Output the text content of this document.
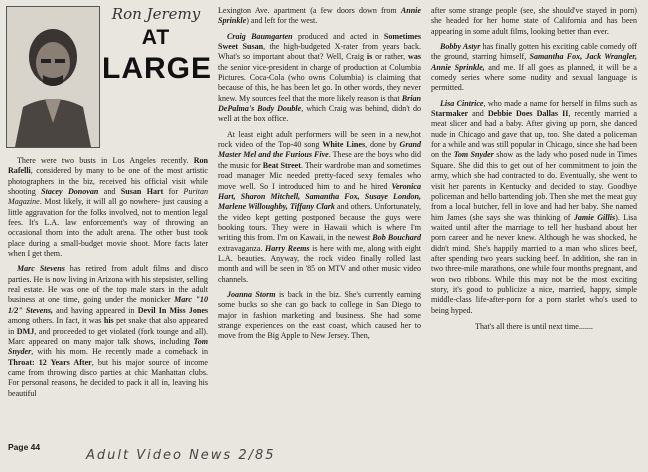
Ron Jeremy
AT
LARGE

There were two busts in Los Angeles recently. Ron Rafelli, considered by many to be one of the most artistic photographers in the biz, received his official visit while shooting Stacey Donovan and Susan Hart for Puritan Magazine. Most likely, it will all go nowhere- just causing a little aggravation for the folks involved, not to mention legal fees. It's L.A. law enforcement's way of throwing an occasional thorn into the adult arena. The other bust took place during a small-budget movie shoot. More facts later when I get them.

Marc Stevens has retired from adult films and disco parties. He is now living in Arizona with his stepsister, selling real estate. He was one of the top male stars in the adult business at one time, going under the monicker Marc "10 1/2" Stevens, and having appeared in Devil In Miss Jones among others. In fact, it was his pet snake that also appeared in DMJ, and proceeded to get violated (fork tounge and all). Marc appeared on many major talk shows, including Tom Snyder, with his mom. He recently made a comeback in Throat: 12 Years After, but his major source of income came from throwing disco parties at chic Manhattan clubs. For personal reasons, he decided to pack it all in, leaving his beautiful

Lexington Ave. apartment (a few doors down from Annie Sprinkle) and left for the west.

Craig Baumgarten produced and acted in Sometimes Sweet Susan, the high-budgeted X-rater from years back. What's so important about that? Well, Craig is or rather, was the senior vice-president in charge of production at Columbia Pictures. Coca-Cola (who owns Columbia) is claiming that because of this, he has been let go. In other words, they never knew. My sources feel that the more likely reason is that Brian DePalma's Body Double, which Craig was behind, didn't do well at the box office.

At least eight adult performers will be seen in a new,hot rock video of the Top-40 song White Lines, done by Grand Master Mel and the Furious Five. These are the boys who did the music for Beat Street. Their wardrobe man and sometimes road manager Mic needed pretty-faced sexy females who move well. So I introduced him to and he hired Veronica Hart, Sharon Mitchell, Samantha Fox, Susaye London, Marlene Willoughby, Tiffany Clark and others. Unfortunately, the video kept getting postponed because the guys were booking tours. They were in Hawaii which is where I'm writing this from. I'm on Kawaii, in the newest Bob Bouchard extravaganza. Harry Reems is here with me, along with eight L.A. beauties. Anyway, the rock video finally rolled last month and will be seen in '85 on MTV and other music video channels.

Joanna Storm is back in the biz. She's currently earning some bucks so she can go back to college in San Diego to major in fashion marketing and business. She had some strange experiences on the east coast, which caused her to move from the Big Apple to New Jersey. Then,

after some strange people (see, she should've stayed in porn) she headed for her home state of California and has been appearing in some adult films, looking better than ever.

Bobby Astyr has finally gotten his exciting cable comedy off the ground, starring himself, Samantha Fox, Jack Wrangler, Annie Sprinkle, and me. If all goes as planned, it will be a comedy series where some nudity and sexual language is permitted.

Lisa Cintrice, who made a name for herself in films such as Starmaker and Debbie Does Dallas II, recently married a meat slicer and had a baby. After giving up porn, she danced nude in Chicago and gave that up, too. She dated a policeman for a while and was still popular in Chicago, since she had been on the Tom Snyder show as the lady who posed nude in Times Square. She did this to get out of her commitment to join the army, which she had contracted to do. Eventually, she went to visit her parents in Kentucky and decided to stay. Goodbye policeman and hello bartending job. Then she met the meat guy from a local butcher, fell in love and had her baby. She named him James (she says she was thinking of Jamie Gillis). Lisa waited until after the marriage to tell her husband about her porn career and he never knew. Although he was shocked, he didn't mind. She's happily married to a man who slices beef, after spending two years sucking beef. In addition, she ran in two three-mile marathons, one while four months pregnant, and won two ribbons. While this may not be the most exciting story, it's good to publicize a nice, married, happy, simple middle-class life-after-porn for a porn starlet who's used to being hyped.

That's all there is until next time.......

Page 44
Adult Video News 2/85
